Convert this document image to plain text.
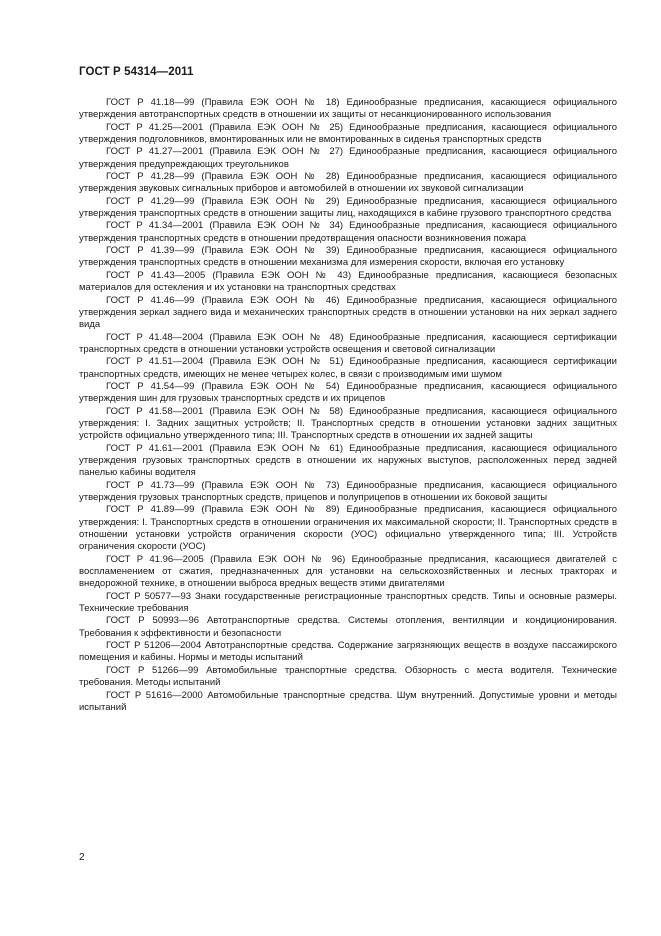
ГОСТ Р 54314—2011

ГОСТ Р 41.18—99 (Правила ЕЭК ООН № 18) Единообразные предписания, касающиеся официального утверждения автотранспортных средств в отношении их защиты от несанкционированного использования

ГОСТ Р 41.25—2001 (Правила ЕЭК ООН № 25) Единообразные предписания, касающиеся официального утверждения подголовников, вмонтированных или не вмонтированных в сиденья транспортных средств

ГОСТ Р 41.27—2001 (Правила ЕЭК ООН № 27) Единообразные предписания, касающиеся официального утверждения предупреждающих треугольников

ГОСТ Р 41.28—99 (Правила ЕЭК ООН № 28) Единообразные предписания, касающиеся официального утверждения звуковых сигнальных приборов и автомобилей в отношении их звуковой сигнализации

ГОСТ Р 41.29—99 (Правила ЕЭК ООН № 29) Единообразные предписания, касающиеся официального утверждения транспортных средств в отношении защиты лиц, находящихся в кабине грузового транспортного средства

ГОСТ Р 41.34—2001 (Правила ЕЭК ООН № 34) Единообразные предписания, касающиеся официального утверждения транспортных средств в отношении предотвращения опасности возникновения пожара

ГОСТ Р 41.39—99 (Правила ЕЭК ООН № 39) Единообразные предписания, касающиеся официального утверждения транспортных средств в отношении механизма для измерения скорости, включая его установку

ГОСТ Р 41.43—2005 (Правила ЕЭК ООН № 43) Единообразные предписания, касающиеся безопасных материалов для остекления и их установки на транспортных средствах

ГОСТ Р 41.46—99 (Правила ЕЭК ООН № 46) Единообразные предписания, касающиеся официального утверждения зеркал заднего вида и механических транспортных средств в отношении установки на них зеркал заднего вида

ГОСТ Р 41.48—2004 (Правила ЕЭК ООН № 48) Единообразные предписания, касающиеся сертификации транспортных средств в отношении установки устройств освещения и световой сигнализации

ГОСТ Р 41.51—2004 (Правила ЕЭК ООН № 51) Единообразные предписания, касающиеся сертификации транспортных средств, имеющих не менее четырех колес, в связи с производимым ими шумом

ГОСТ Р 41.54—99 (Правила ЕЭК ООН № 54) Единообразные предписания, касающиеся официального утверждения шин для грузовых транспортных средств и их прицепов

ГОСТ Р 41.58—2001 (Правила ЕЭК ООН № 58) Единообразные предписания, касающиеся официального утверждения: I. Задних защитных устройств; II. Транспортных средств в отношении установки задних защитных устройств официально утвержденного типа; III. Транспортных средств в отношении их задней защиты

ГОСТ Р 41.61—2001 (Правила ЕЭК ООН № 61) Единообразные предписания, касающиеся официального утверждения грузовых транспортных средств в отношении их наружных выступов, расположенных перед задней панелью кабины водителя

ГОСТ Р 41.73—99 (Правила ЕЭК ООН № 73) Единообразные предписания, касающиеся официального утверждения грузовых транспортных средств, прицепов и полуприцепов в отношении их боковой защиты

ГОСТ Р 41.89—99 (Правила ЕЭК ООН № 89) Единообразные предписания, касающиеся официального утверждения: I. Транспортных средств в отношении ограничения их максимальной скорости; II. Транспортных средств в отношении установки устройств ограничения скорости (УОС) официально утвержденного типа; III. Устройств ограничения скорости (УОС)

ГОСТ Р 41.96—2005 (Правила ЕЭК ООН № 96) Единообразные предписания, касающиеся двигателей с воспламенением от сжатия, предназначенных для установки на сельскохозяйственных и лесных тракторах и внедорожной технике, в отношении выброса вредных веществ этими двигателями

ГОСТ Р 50577—93 Знаки государственные регистрационные транспортных средств. Типы и основные размеры. Технические требования

ГОСТ Р 50993—96 Автотранспортные средства. Системы отопления, вентиляции и кондиционирования. Требования к эффективности и безопасности

ГОСТ Р 51206—2004 Автотранспортные средства. Содержание загрязняющих веществ в воздухе пассажирского помещения и кабины. Нормы и методы испытаний

ГОСТ Р 51266—99 Автомобильные транспортные средства. Обзорность с места водителя. Технические требования. Методы испытаний

ГОСТ Р 51616—2000 Автомобильные транспортные средства. Шум внутренний. Допустимые уровни и методы испытаний

2
